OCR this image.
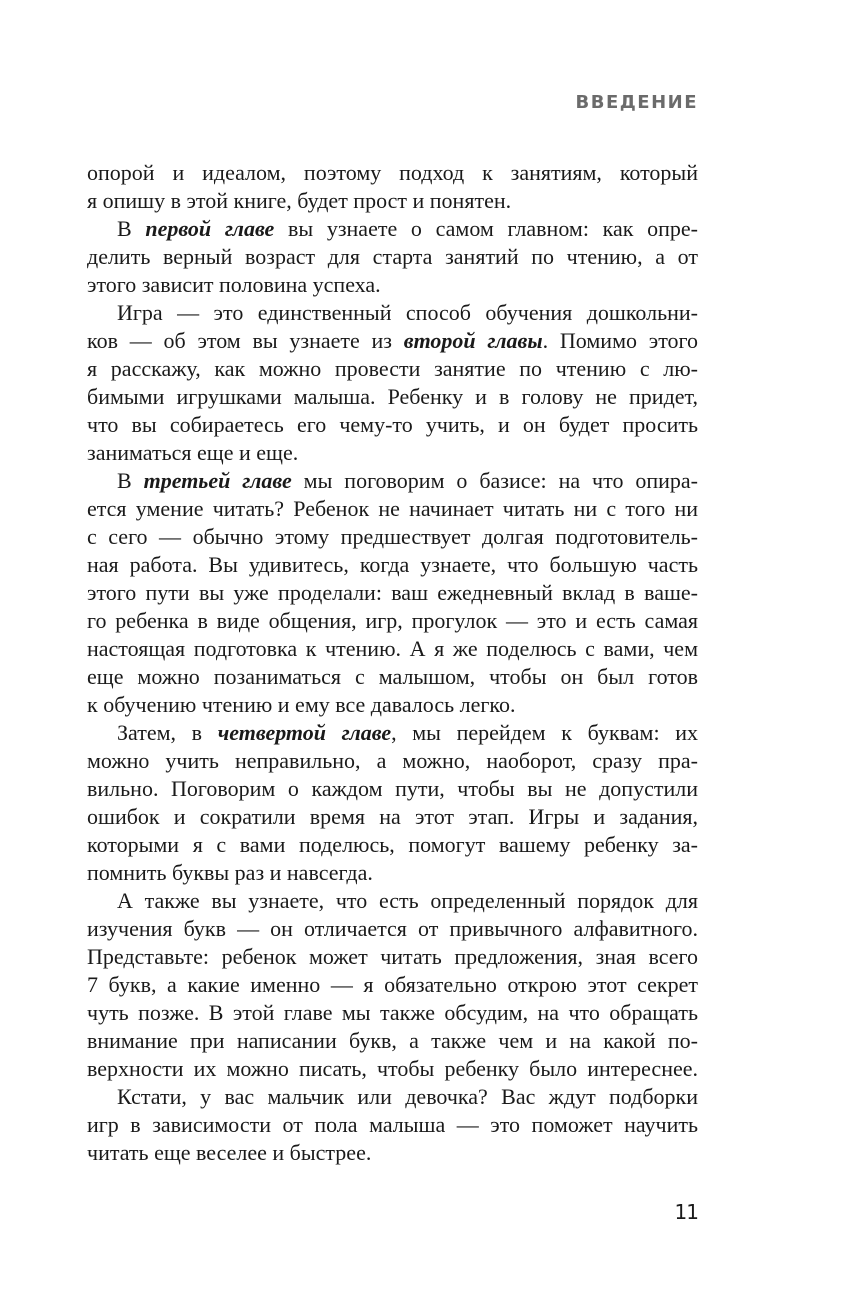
ВВЕДЕНИЕ
опорой и идеалом, поэтому подход к занятиям, который
я опишу в этой книге, будет прост и понятен.
В первой главе вы узнаете о самом главном: как опре-
делить верный возраст для старта занятий по чтению, а от
этого зависит половина успеха.
Игра — это единственный способ обучения дошкольни-
ков — об этом вы узнаете из второй главы. Помимо этого
я расскажу, как можно провести занятие по чтению с лю-
бимыми игрушками малыша. Ребенку и в голову не придет,
что вы собираетесь его чему-то учить, и он будет просить
заниматься еще и еще.
В третьей главе мы поговорим о базисе: на что опира-
ется умение читать? Ребенок не начинает читать ни с того ни
с сего — обычно этому предшествует долгая подготовитель-
ная работа. Вы удивитесь, когда узнаете, что большую часть
этого пути вы уже проделали: ваш ежедневный вклад в ваше-
го ребенка в виде общения, игр, прогулок — это и есть самая
настоящая подготовка к чтению. А я же поделюсь с вами, чем
еще можно позаниматься с малышом, чтобы он был готов
к обучению чтению и ему все давалось легко.
Затем, в четвертой главе, мы перейдем к буквам: их
можно учить неправильно, а можно, наоборот, сразу пра-
вильно. Поговорим о каждом пути, чтобы вы не допустили
ошибок и сократили время на этот этап. Игры и задания,
которыми я с вами поделюсь, помогут вашему ребенку за-
помнить буквы раз и навсегда.
А также вы узнаете, что есть определенный порядок для
изучения букв — он отличается от привычного алфавитного.
Представьте: ребенок может читать предложения, зная всего
7 букв, а какие именно — я обязательно открою этот секрет
чуть позже. В этой главе мы также обсудим, на что обращать
внимание при написании букв, а также чем и на какой по-
верхности их можно писать, чтобы ребенку было интереснее.
Кстати, у вас мальчик или девочка? Вас ждут подборки
игр в зависимости от пола малыша — это поможет научить
читать еще веселее и быстрее.
11
